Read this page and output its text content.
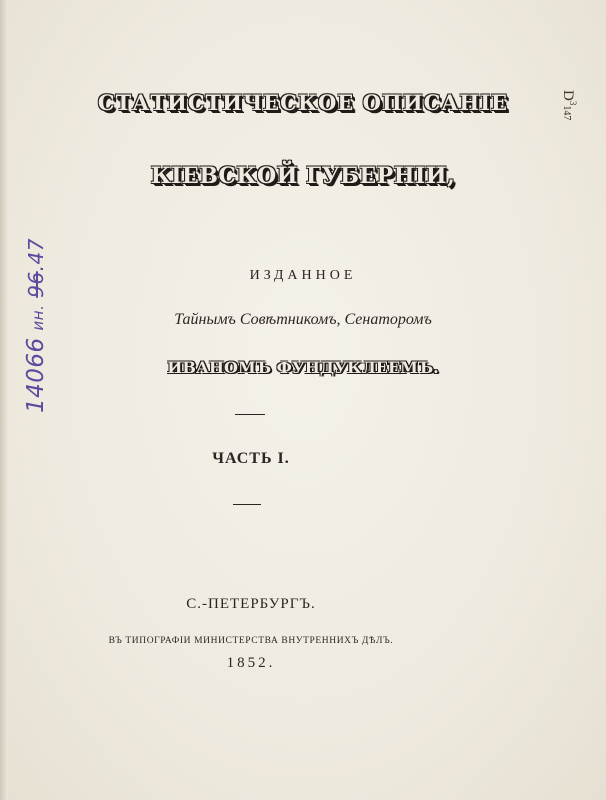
СТАТИСТИЧЕСКОЕ ОПИСАНІЕ
КІЕВСКОЙ ГУБЕРНІИ,
ИЗДАННОЕ
Тайнымъ Совѣтникомъ, Сенаторомъ
ИВАНОМЪ ФУНДУКЛЕЕМЪ.
ЧАСТЬ I.
С.-ПЕТЕРБУРГЪ.
ВЪ ТИПОГРАФІИ МИНИСТЕРСТВА ВНУТРЕННИХЪ ДѢЛЪ.
1852.
$D^3147$
14066 ин. 96.47
